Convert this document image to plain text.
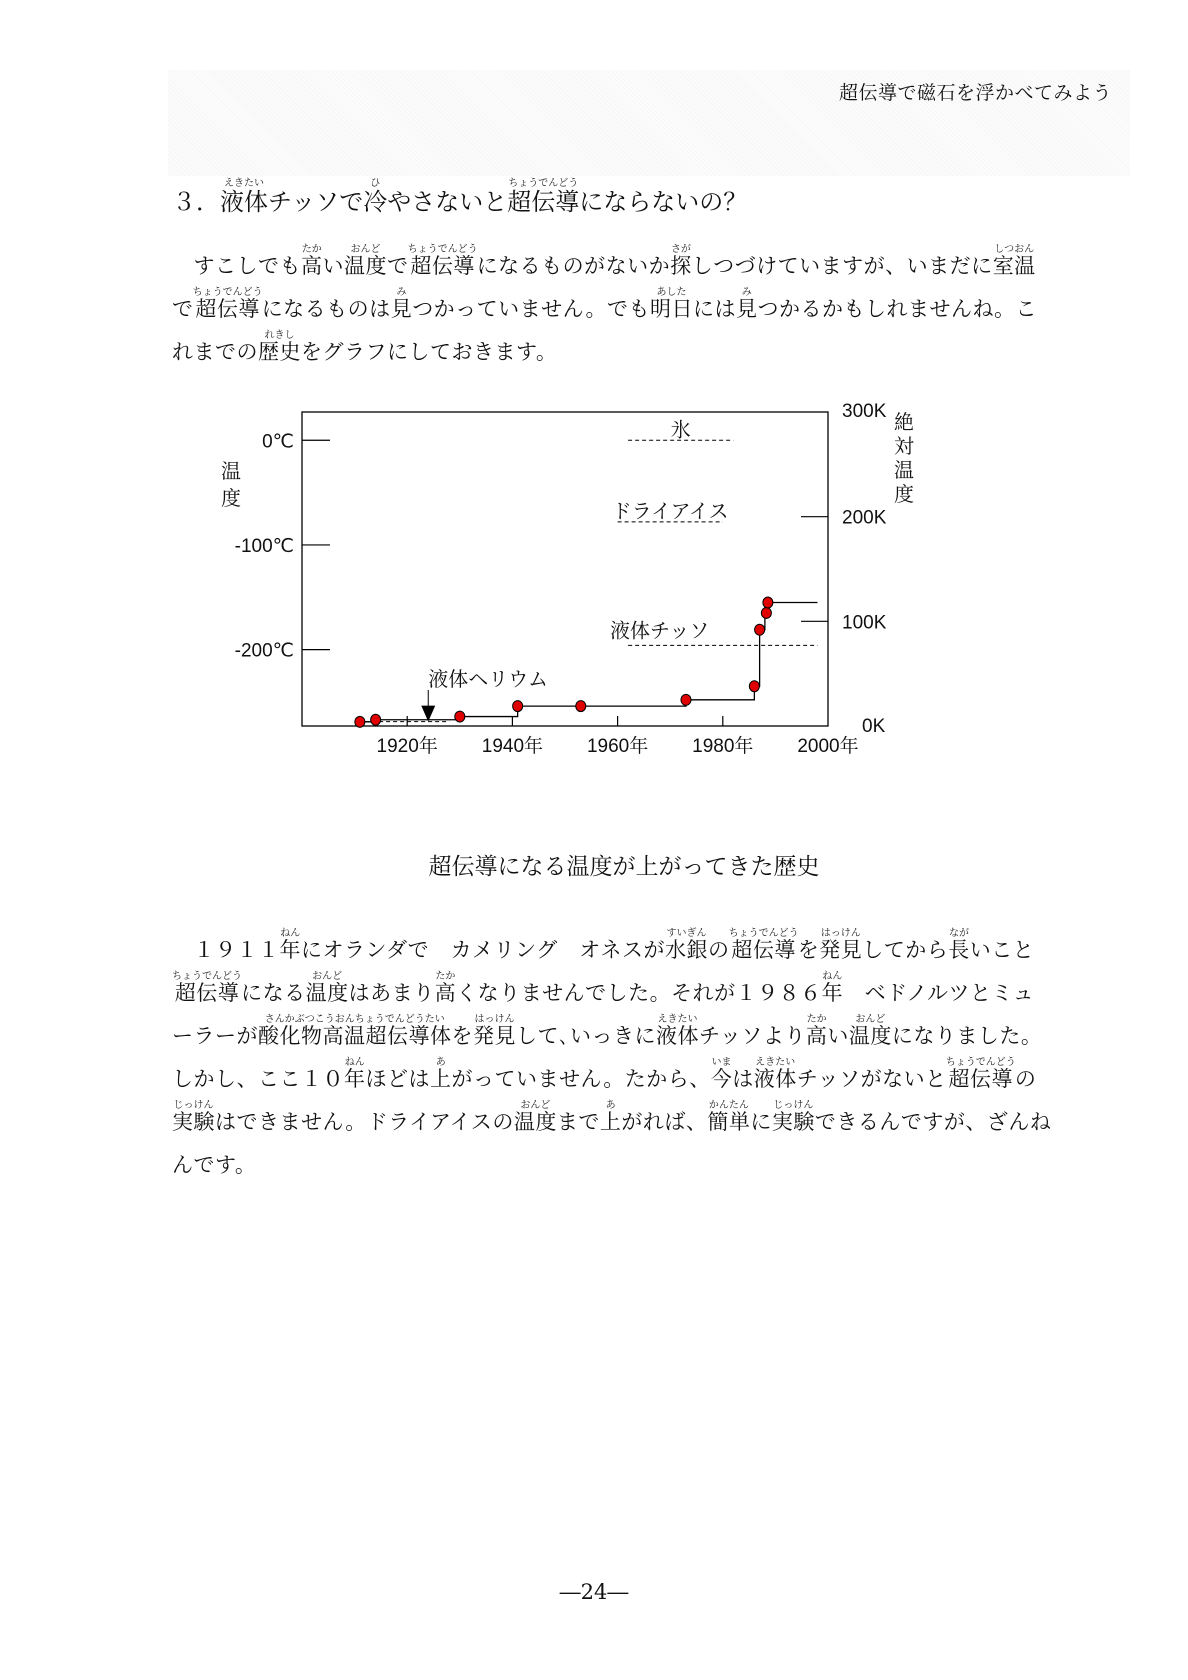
超伝導で磁石を浮かべてみよう
３．液体えきたいチッソで冷ひやさないと超伝導ちょうでんどうにならないの？
　すこしでも高たかい温度おんどで超伝導ちょうでんどうになるものがないか探さがしつづけていますが、いまだに室温しつおんで超伝導ちょうでんどうになるものは見みつかっていません。でも明日あしたには見みつかるかもしれませんね。これまでの歴史れきしをグラフにしておきます。
0℃
-100℃
-200℃
300K
200K
100K
0K
1920年 1940年 1960年 1980年 2000年
温
度
絶
対
温
度
氷
ドライアイス
液体チッソ
液体ヘリウム
超伝導になる温度が上がってきた歴史
　１９１１年ねんにオランダで　カメリング　オネスが水銀すいぎんの超伝導ちょうでんどうを発見はっけんしてから長ながいこと超伝導ちょうでんどうになる温度おんどはあまり高たかくなりませんでした。それが１９８６年ねん　ベドノルツとミューラーが酸化物高温超伝導体さんかぶつこうおんちょうでんどうたいを発見はっけんして､いっきに液体えきたいチッソより高たかい温度おんどになりました。しかし、ここ１０年ねんほどは上あがっていません。たから、今いまは液体えきたいチッソがないと超伝導ちょうでんどうの実験じっけんはできません。ドライアイスの温度おんどまで上あがれば、簡単かんたんに実験じっけんできるんですが、ざんねんです。
―24―
